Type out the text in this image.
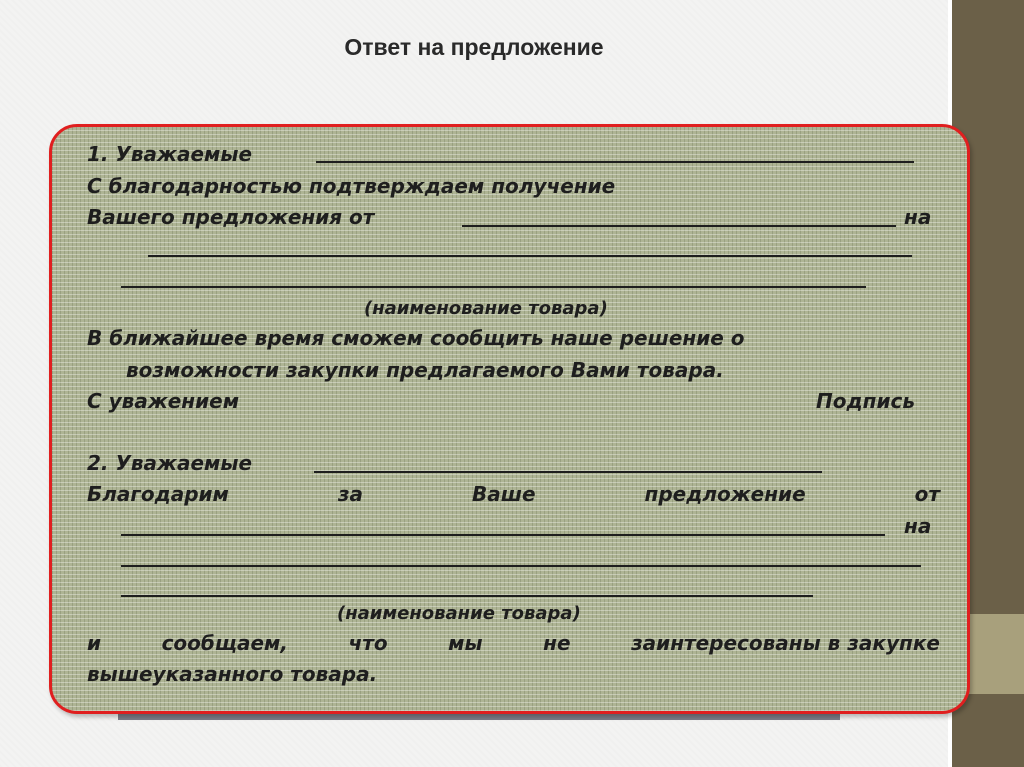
Ответ на предложение
1. Уважаемые
С благодарностью подтверждаем получение
Вашего предложения от	на
(наименование товара)
В ближайшее время сможем сообщить наше решение о
возможности закупки предлагаемого Вами товара.
С уважением	Подпись
2. Уважаемые
Благодарим	за	Ваше	предложение	от
на
(наименование товара)
и	сообщаем,	что	мы	не	заинтересованы в закупке
вышеуказанного товара.
